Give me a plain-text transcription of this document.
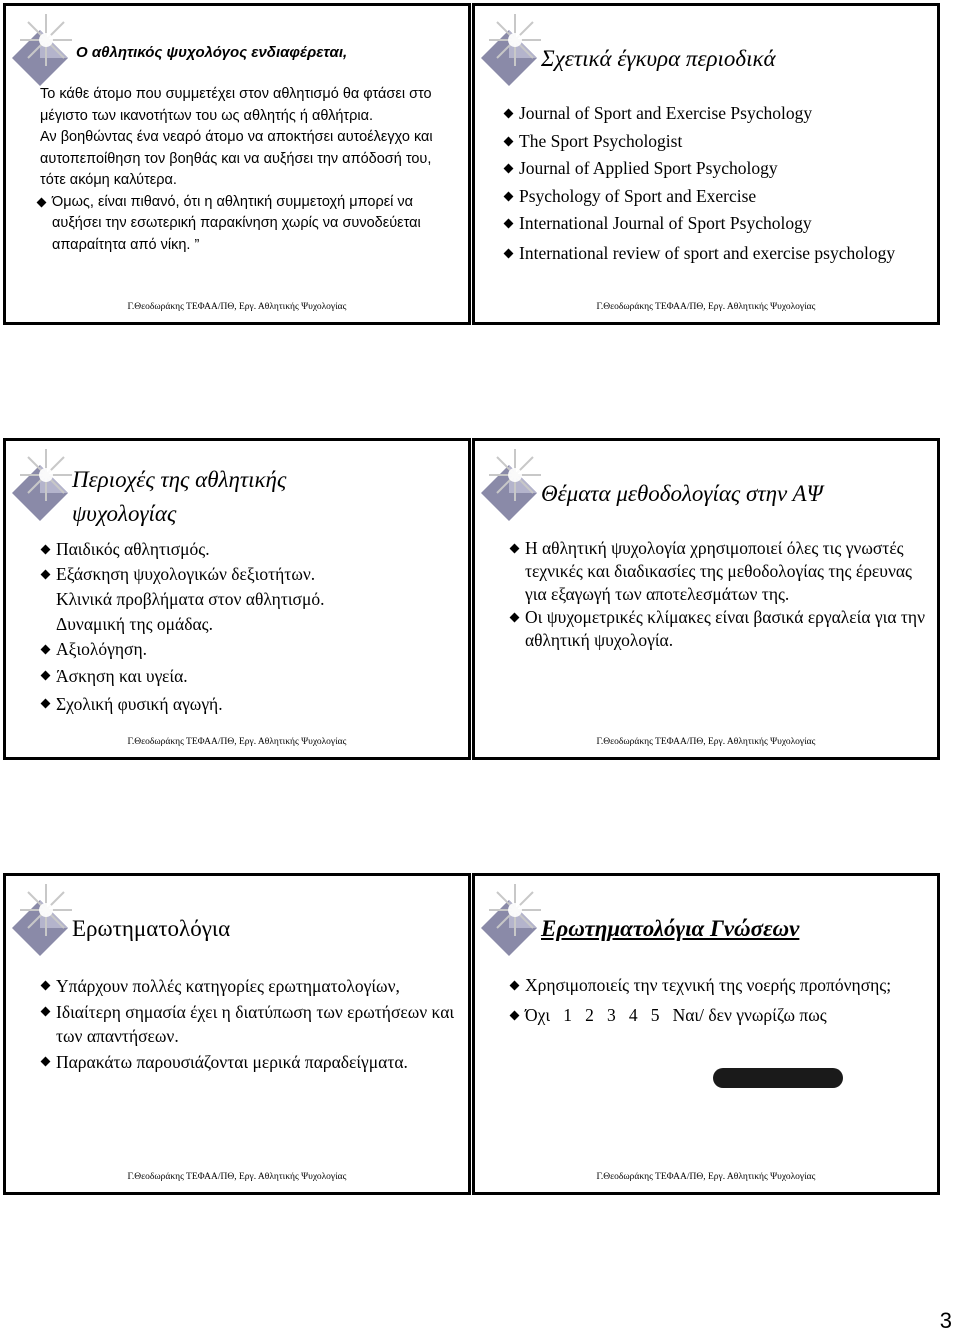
Ο αθλητικός ψυχολόγος ενδιαφέρεται,
Το κάθε άτομο που συμμετέχει στον αθλητισμό θα φτάσει στο μέγιστο των ικανοτήτων του ως αθλητής ή αθλήτρια.
Αν βοηθώντας ένα νεαρό άτομο να αποκτήσει αυτοέλεγχο και αυτοπεποίθηση τον βοηθάς και να αυξήσει την απόδοσή του, τότε ακόμη καλύτερα.
Όμως, είναι πιθανό, ότι η αθλητική συμμετοχή μπορεί να αυξήσει την εσωτερική παρακίνηση χωρίς να συνοδεύεται απαραίτητα από νίκη. ”
Γ.Θεοδωράκης ΤΕΦΑΑ/ΠΘ, Εργ. Αθλητικής Ψυχολογίας
Σχετικά έγκυρα περιοδικά
Journal of Sport and Exercise Psychology
The Sport Psychologist
Journal of Applied Sport Psychology
Psychology of Sport and Exercise
International Journal of Sport Psychology
International review of sport and exercise psychology
Γ.Θεοδωράκης ΤΕΦΑΑ/ΠΘ, Εργ. Αθλητικής Ψυχολογίας
Περιοχές της αθλητικής ψυχολογίας
Παιδικός αθλητισμός.
Εξάσκηση ψυχολογικών δεξιοτήτων.
Κλινικά προβλήματα στον αθλητισμό.
Δυναμική της ομάδας.
Αξιολόγηση.
Άσκηση και υγεία.
Σχολική φυσική αγωγή.
Γ.Θεοδωράκης ΤΕΦΑΑ/ΠΘ, Εργ. Αθλητικής Ψυχολογίας
Θέματα μεθοδολογίας στην ΑΨ
Η αθλητική ψυχολογία χρησιμοποιεί όλες τις γνωστές τεχνικές και διαδικασίες της μεθοδολογίας της έρευνας για εξαγωγή των αποτελεσμάτων της.
Οι ψυχομετρικές κλίμακες είναι βασικά εργαλεία για την αθλητική ψυχολογία.
Γ.Θεοδωράκης ΤΕΦΑΑ/ΠΘ, Εργ. Αθλητικής Ψυχολογίας
Ερωτηματολόγια
Υπάρχουν πολλές κατηγορίες ερωτηματολογίων,
Ιδιαίτερη σημασία έχει η διατύπωση των ερωτήσεων και των απαντήσεων.
Παρακάτω παρουσιάζονται μερικά παραδείγματα.
Γ.Θεοδωράκης ΤΕΦΑΑ/ΠΘ, Εργ. Αθλητικής Ψυχολογίας
Ερωτηματολόγια Γνώσεων
Χρησιμοποιείς την τεχνική της νοερής προπόνησης;
Όχι   1   2   3   4   5   Ναι/ δεν γνωρίζω πως
Γ.Θεοδωράκης ΤΕΦΑΑ/ΠΘ, Εργ. Αθλητικής Ψυχολογίας
3
